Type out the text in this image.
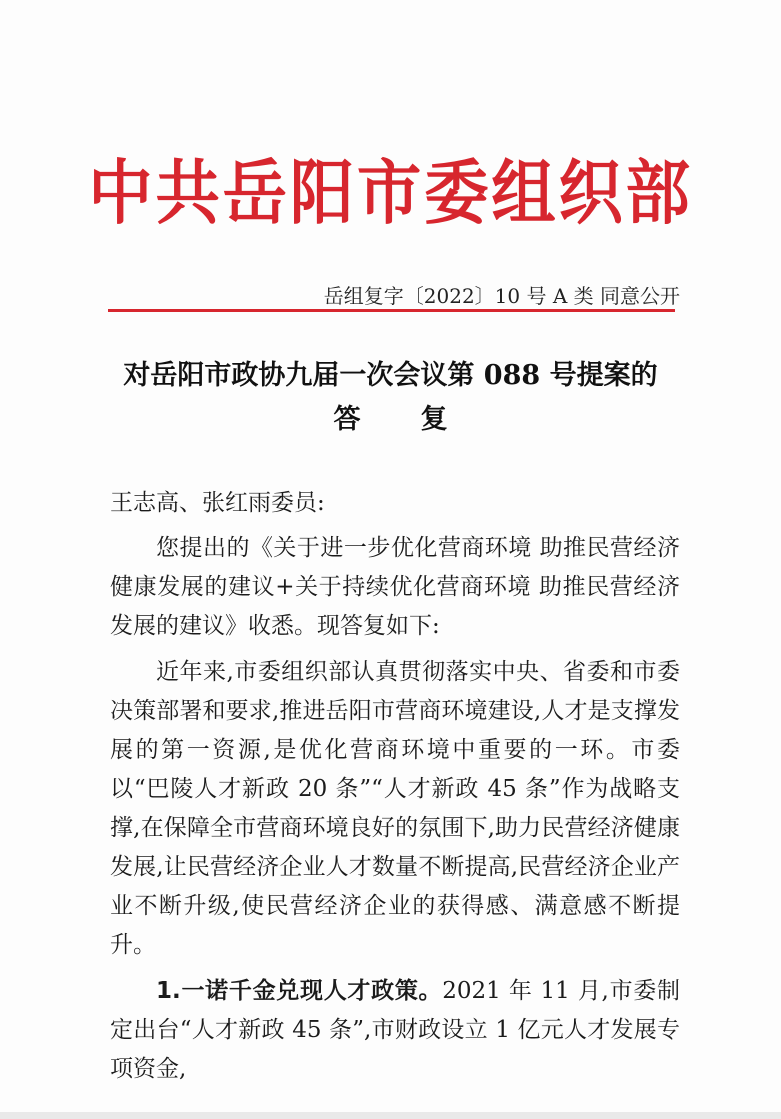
中共岳阳市委组织部
岳组复字〔2022〕10 号 A 类 同意公开
对岳阳市政协九届一次会议第 088 号提案的
答复

王志高、张红雨委员:

您提出的《关于进一步优化营商环境 助推民营经济健康发展的建议+关于持续优化营商环境 助推民营经济发展的建议》收悉。现答复如下:

近年来,市委组织部认真贯彻落实中央、省委和市委决策部署和要求,推进岳阳市营商环境建设,人才是支撑发展的第一资源,是优化营商环境中重要的一环。市委以“巴陵人才新政 20 条”“人才新政 45 条”作为战略支撑,在保障全市营商环境良好的氛围下,助力民营经济健康发展,让民营经济企业人才数量不断提高,民营经济企业产业不断升级,使民营经济企业的获得感、满意感不断提升。

1.一诺千金兑现人才政策。2021 年 11 月,市委制定出台“人才新政 45 条”,市财政设立 1 亿元人才发展专项资金,
